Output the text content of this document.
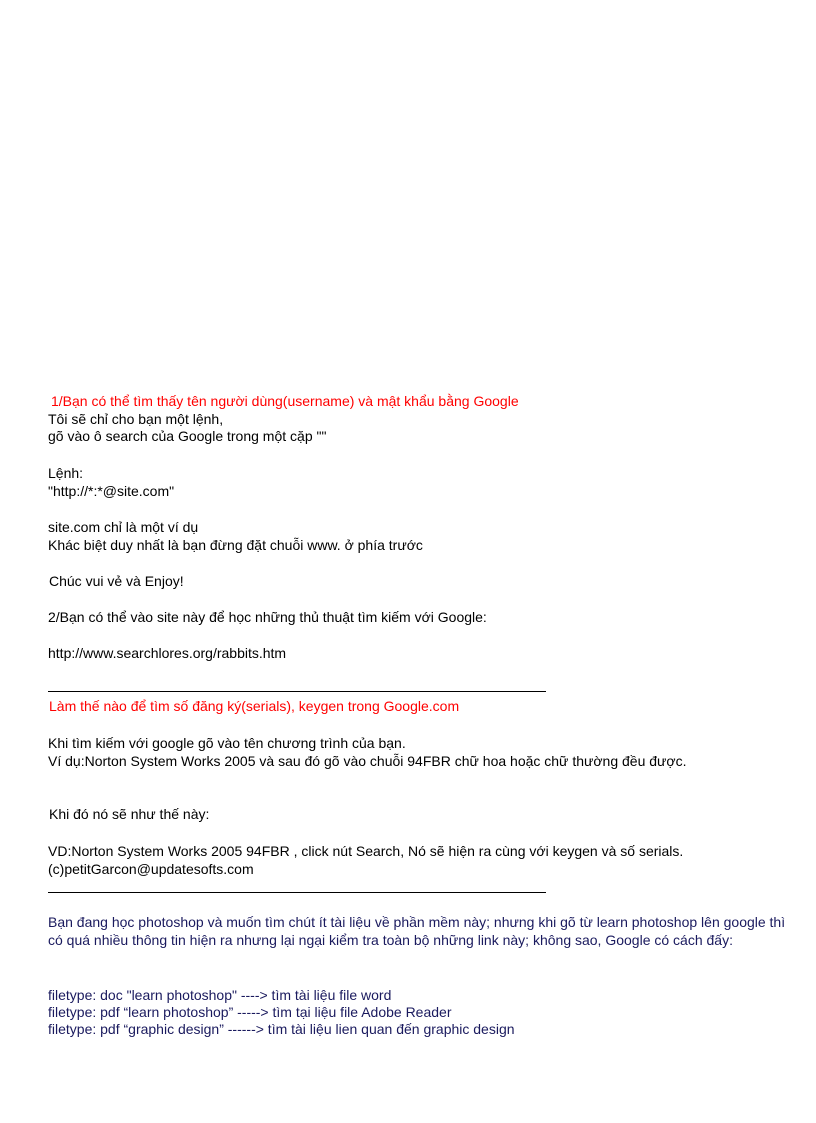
1/Bạn có thể tìm thấy tên người dùng(username) và mật khẩu bằng Google
Tôi sẽ chỉ cho bạn một lệnh,
gõ vào ô search của Google trong một cặp ""
Lệnh:
"http://*:*@site.com"
site.com chỉ là một ví dụ
Khác biệt duy nhất là bạn đừng đặt chuỗi www. ở phía trước
Chúc vui vẻ và Enjoy!
2/Bạn có thể vào site này để học những thủ thuật tìm kiếm với Google:
http://www.searchlores.org/rabbits.htm
Làm thế nào để tìm số đăng ký(serials), keygen trong Google.com
Khi tìm kiếm với google gõ vào tên chương trình của bạn.
Ví dụ:Norton System Works 2005 và sau đó gõ vào chuỗi 94FBR chữ hoa hoặc chữ thường đều được.
Khi đó nó sẽ như thế này:
VD:Norton System Works 2005 94FBR , click nút Search, Nó sẽ hiện ra cùng với keygen và số serials.
(c)petitGarcon@updatesofts.com
Bạn đang học photoshop và muốn tìm chút ít tài liệu về phần mềm này; nhưng khi gõ từ learn photoshop lên google thì có quá nhiều thông tin hiện ra nhưng lại ngại kiểm tra toàn bộ những link này; không sao, Google có cách đấy:
filetype: doc "learn photoshop" ----> tìm tài liệu file word
filetype: pdf “learn photoshop” -----> tìm tại liệu file Adobe Reader
filetype: pdf “graphic design” ------> tìm tài liệu lien quan đến graphic design
